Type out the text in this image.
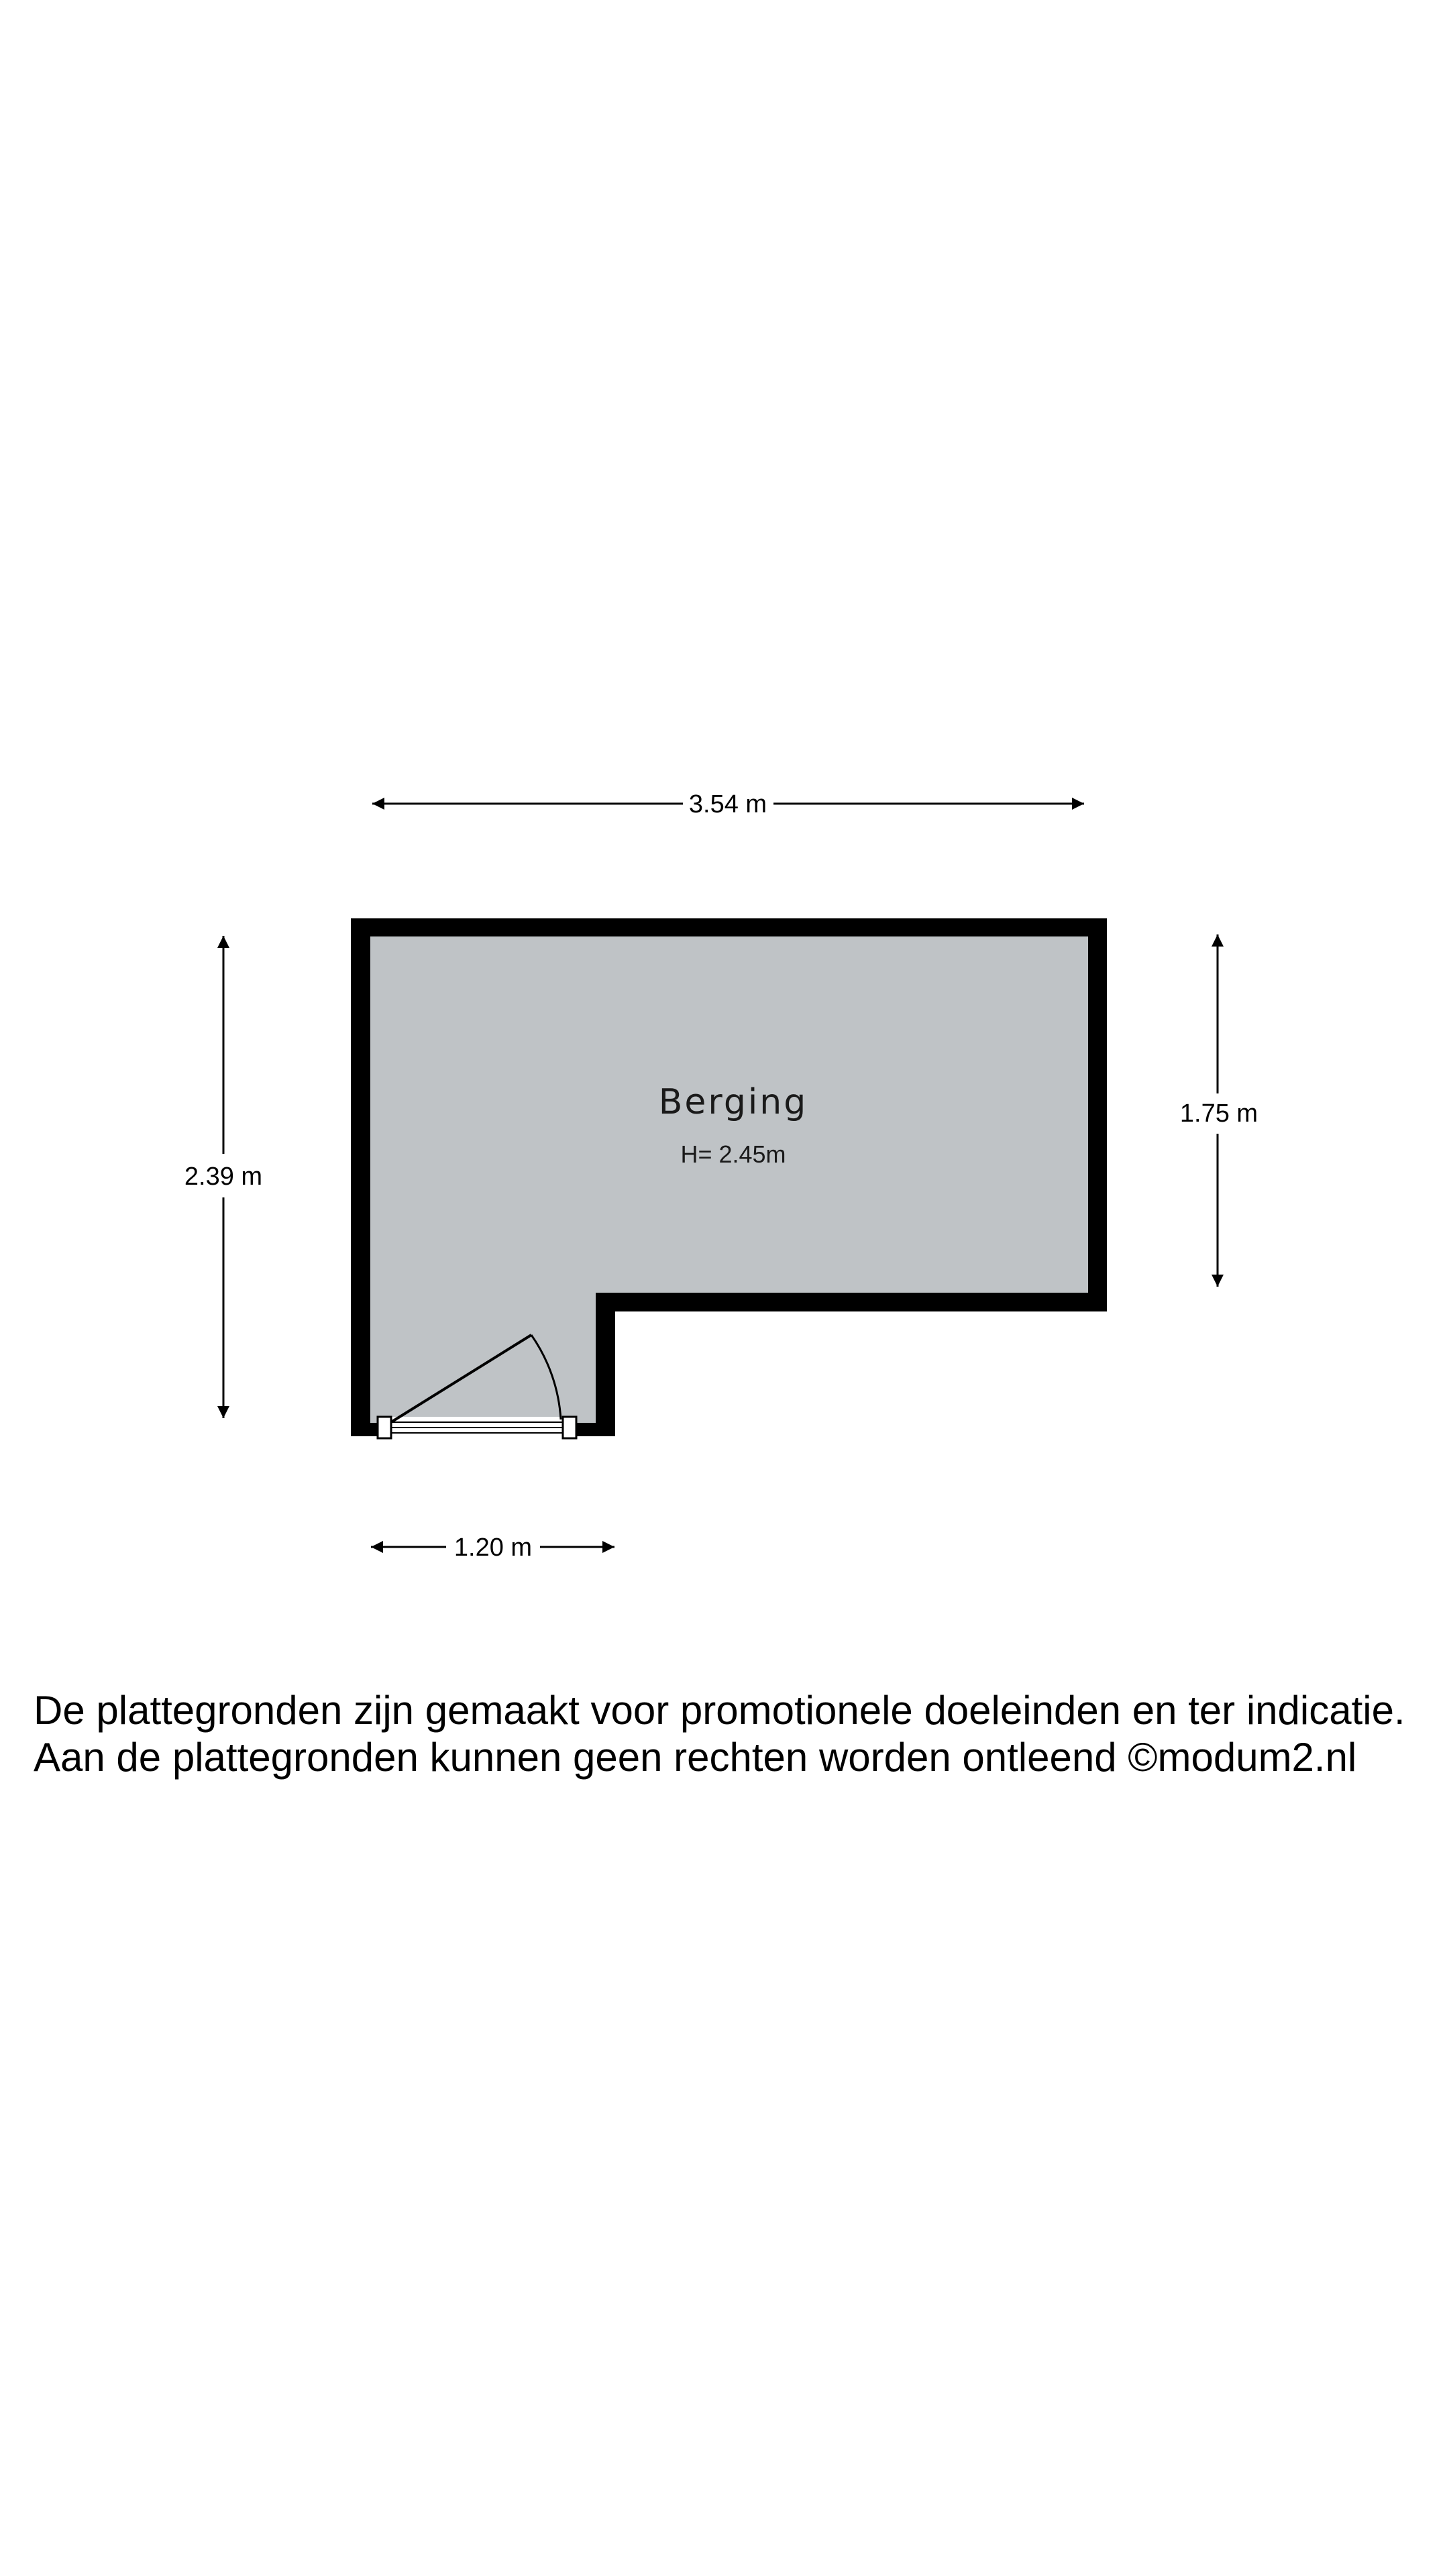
Berging
H= 2.45m
3.54 m
2.39 m
1.75 m
1.20 m

De plattegronden zijn gemaakt voor promotionele doeleinden en ter indicatie.
Aan de plattegronden kunnen geen rechten worden ontleend ©modum2.nl
